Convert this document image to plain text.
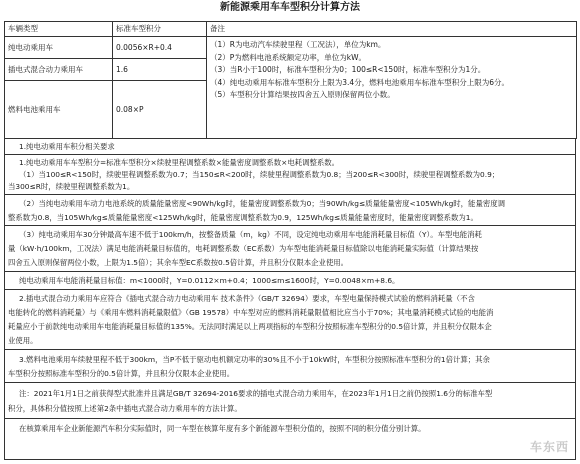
新能源乘用车车型积分计算方法
车辆类型	标准车型积分	备注
纯电动乘用车	0.0056×R+0.4	（1）R为电动汽车续驶里程（工况法），单位为km。
（2）P为燃料电池系统额定功率，单位为kW。
（3）当R小于100时，标准车型积分为0；100≤R<150时，标准车型积分为1分。
（4）纯电动乘用车标准车型积分上限为3.4分，燃料电池乘用车标准车型积分上限为6分。
（5）车型积分计算结果按四舍五入原则保留两位小数。

插电式混合动力乘用车	1.6	
燃料电池乘用车	0.08×P	
1.纯电动乘用车积分相关要求
1.纯电动乘用车车型积分=标准车型积分×续驶里程调整系数×能量密度调整系数×电耗调整系数。
（1）当100≤R<150时，续驶里程调整系数为0.7；当150≤R<200时，续驶里程调整系数为0.8；当200≤R<300时，续驶里程调整系数为0.9；
当300≤R时，续驶里程调整系数为1。
（2）当纯电动乘用车动力电池系统的质量能量密度<90Wh/kg时，能量密度调整系数为0；当90Wh/kg≤质量能量密度<105Wh/kg时，能量密度调
整系数为0.8，当105Wh/kg≤质量能量密度<125Wh/kg时，能量密度调整系数为0.9，125Wh/kg≤质量能量密度时，能量密度调整系数为1。
（3）纯电动乘用车30分钟最高车速不低于100km/h，按整备质量（m，kg）不同，设定纯电动乘用车电能消耗量目标值（Y）。车型电能消耗
量（kW·h/100km，工况法）满足电能消耗量目标值的，电耗调整系数（EC系数）为车型电能消耗量目标值除以电能消耗量实际值（计算结果按
四舍五入原则保留两位小数，上限为1.5倍）；其余车型EC系数按0.5倍计算，并且积分仅限本企业使用。
纯电动乘用车电能消耗量目标值：m<1000时，Y=0.0112×m+0.4；1000≤m≤1600时，Y=0.0048×m+8.6。
2.插电式混合动力乘用车应符合《插电式混合动力电动乘用车 技术条件》（GB/T 32694）要求，车型电量保持模式试验的燃料消耗量（不含
电能转化的燃料消耗量）与《乘用车燃料消耗量限值》（GB 19578）中车型对应的燃料消耗量限值相比应当小于70%；其电量消耗模式试验的电能消
耗量应小于前款纯电动乘用车电能消耗量目标值的135%。无法同时满足以上两项指标的车型积分按照标准车型积分的0.5倍计算，并且积分仅限本企
业使用。
3.燃料电池乘用车续驶里程不低于300km，当P不低于驱动电机额定功率的30%且不小于10kW时，车型积分按照标准车型积分的1倍计算；其余
车型积分按照标准车型积分的0.5倍计算，并且积分仅限本企业使用。
注：2021年1月1日之前获得型式批准并且满足GB/T 32694-2016要求的插电式混合动力乘用车，在2023年1月1日之前仍按照1.6分的标准车型
积分，具体积分值按照上述第2条中插电式混合动力乘用车的方法计算。
在核算乘用车企业新能源汽车积分实际值时，同一车型在核算年度有多个新能源车型积分值的，按照不同的积分值分别计算。
车东西
